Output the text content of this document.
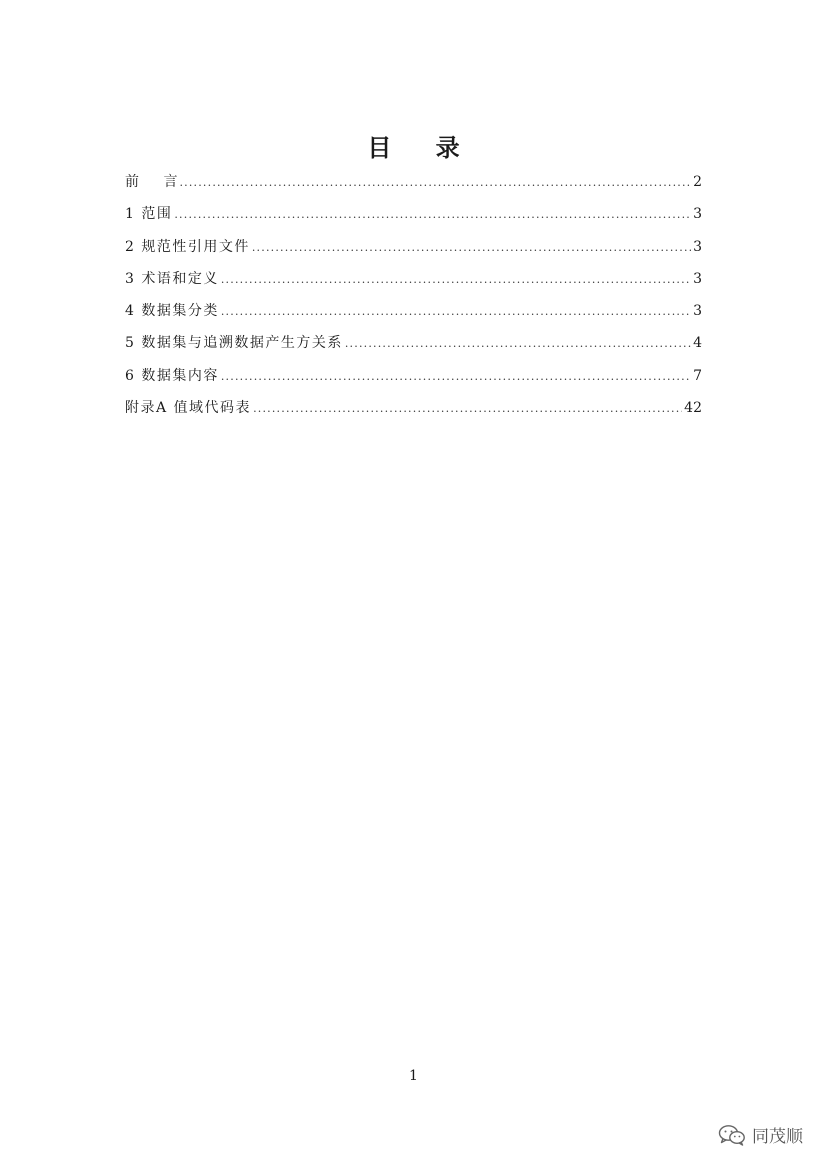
目 录
前 言 .....	2
1 范围 .....	3
2 规范性引用文件 .....	3
3 术语和定义 .....	3
4 数据集分类 .....	3
5 数据集与追溯数据产生方关系 .....	4
6 数据集内容 .....	7
附录A 值域代码表 .....	42
1
同茂顺
